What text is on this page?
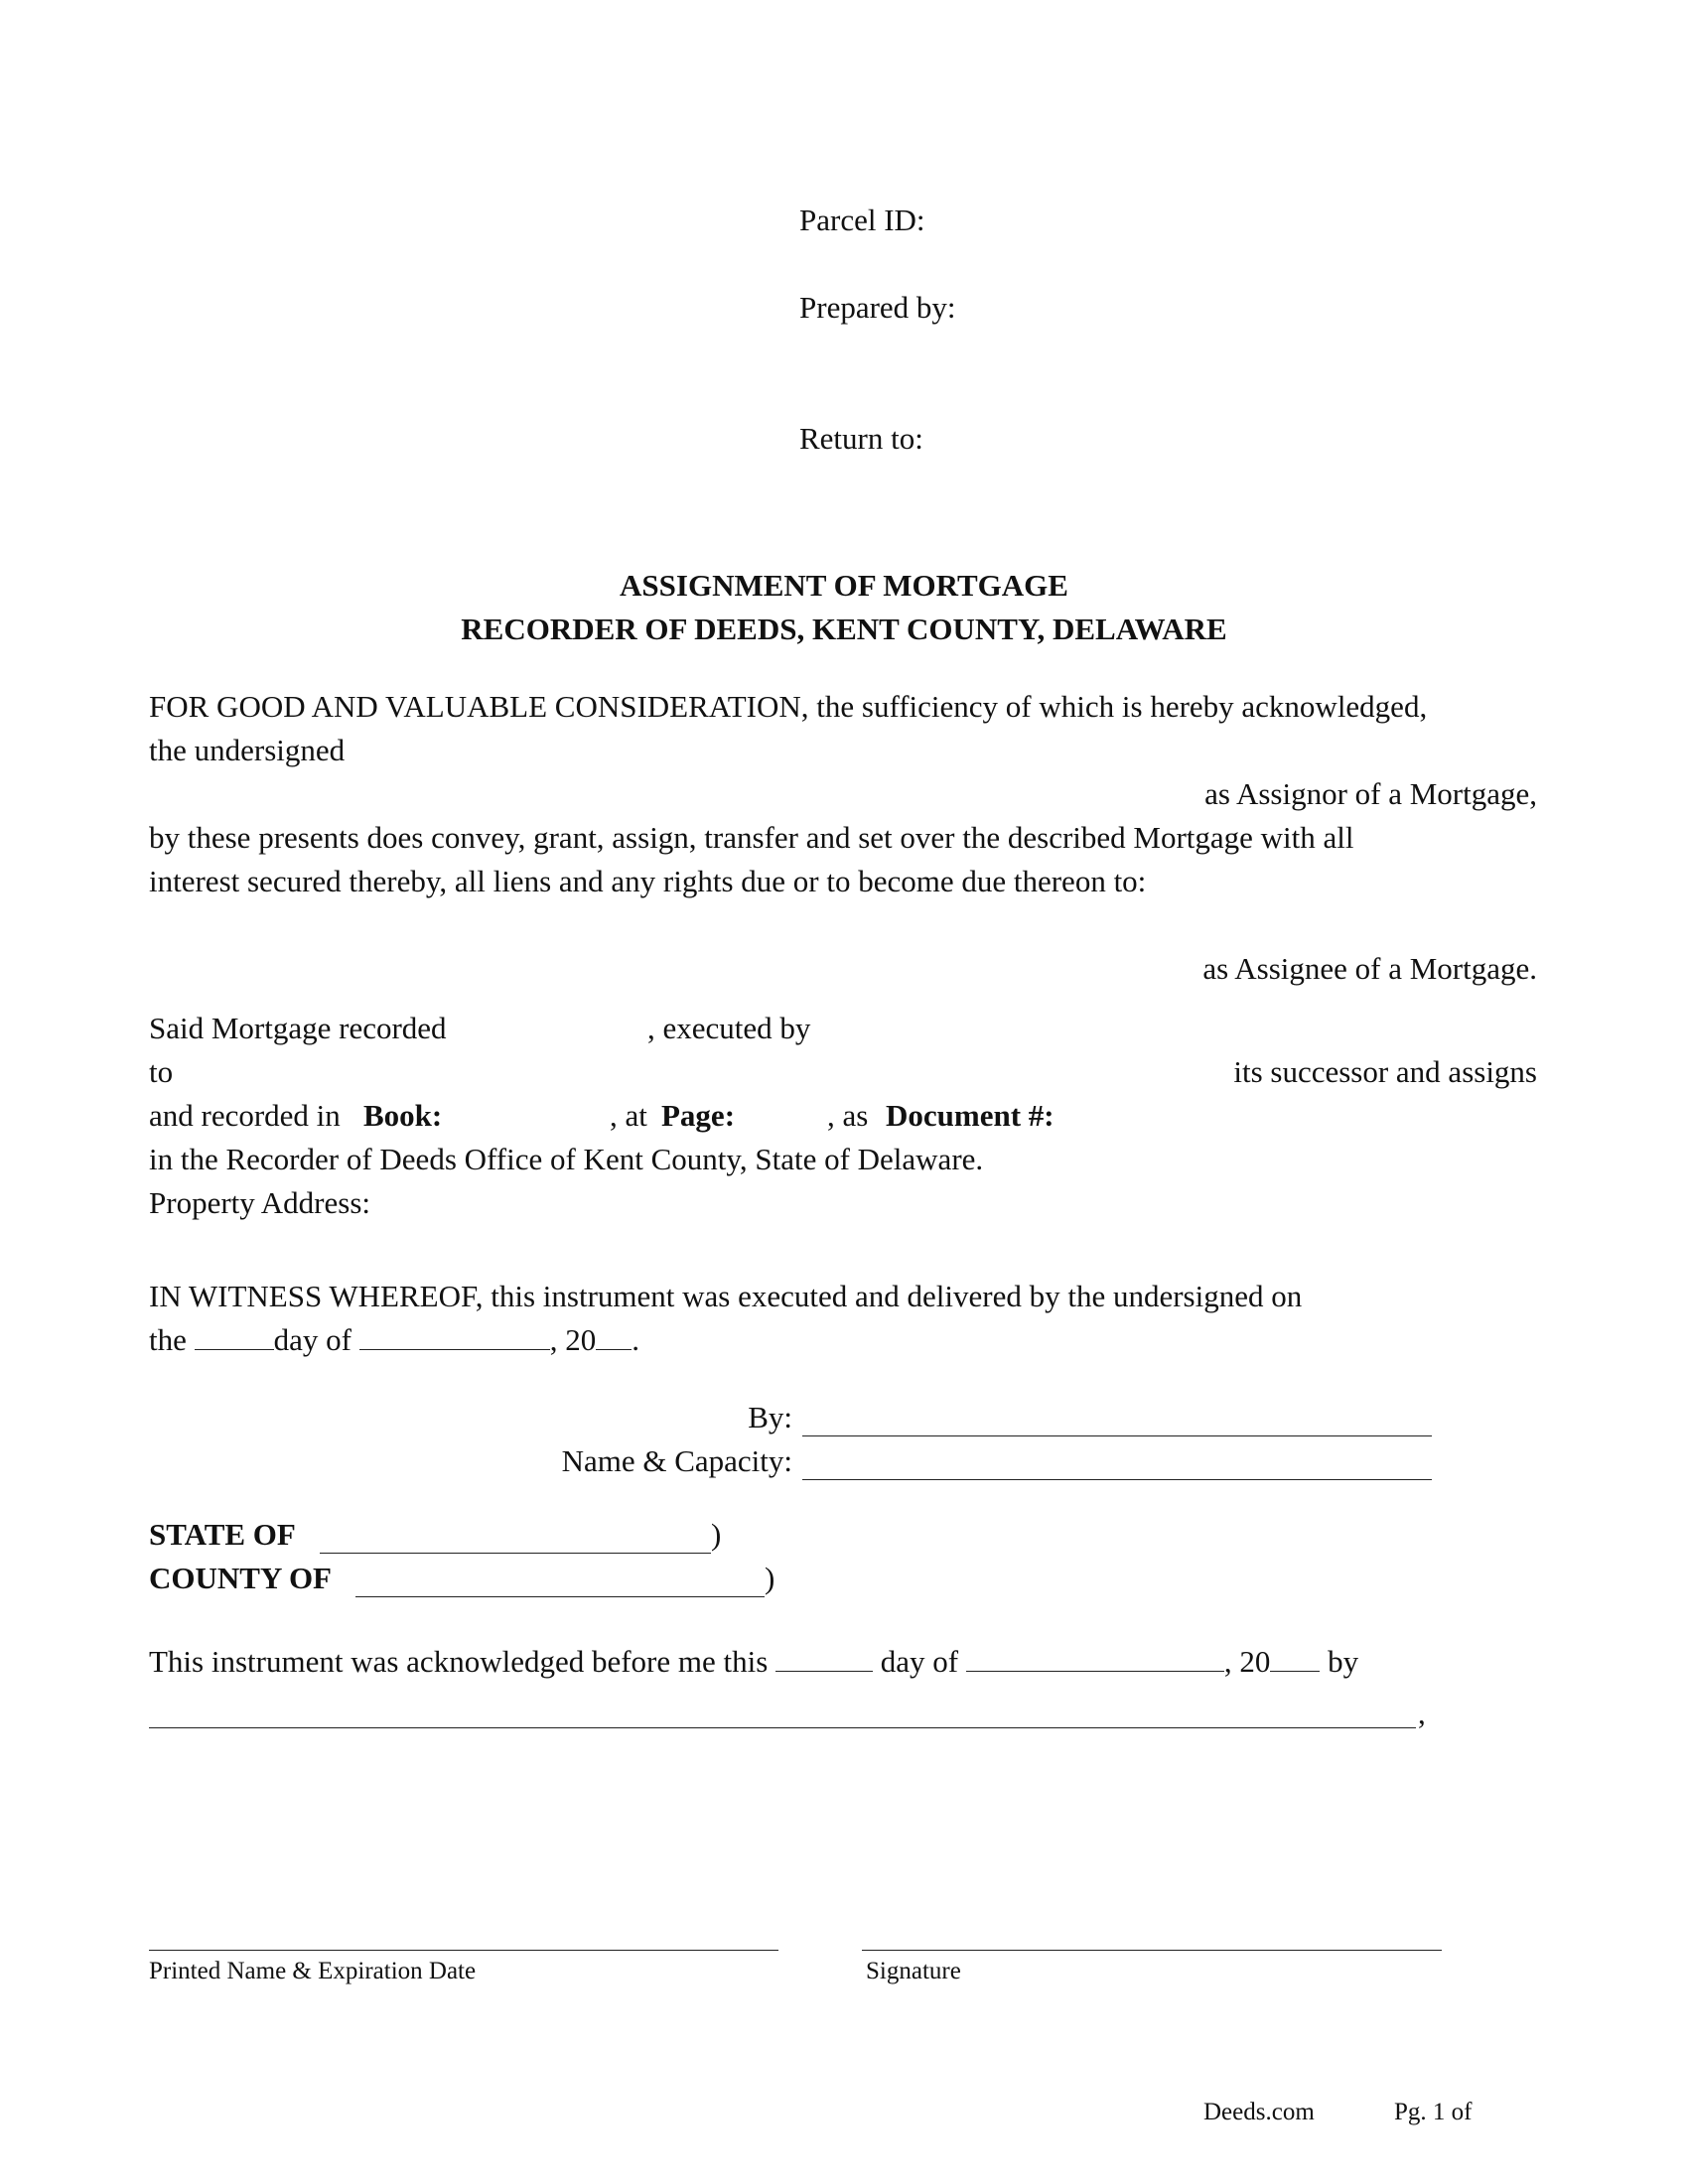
Parcel ID:
Prepared by:
Return to:
ASSIGNMENT OF MORTGAGE
RECORDER OF DEEDS, KENT COUNTY, DELAWARE
FOR GOOD AND VALUABLE CONSIDERATION, the sufficiency of which is hereby acknowledged,
the undersigned
as Assignor of a Mortgage,
by these presents does convey, grant, assign, transfer and set over the described Mortgage with all
interest secured thereby, all liens and any rights due or to become due thereon to:
as Assignee of a Mortgage.
Said Mortgage recorded	, executed by
to	its successor and assigns
and recorded in Book:	, at Page:	, as Document #:
in the Recorder of Deeds Office of Kent County, State of Delaware.
Property Address:
IN WITNESS WHEREOF, this instrument was executed and delivered by the undersigned on
the	day of	, 20 .
By:
Name & Capacity:
STATE OF	)
COUNTY OF	)
This instrument was acknowledged before me this	day of	, 20 by
,
Printed Name & Expiration Date	Signature
Deeds.com	Pg. 1 of
